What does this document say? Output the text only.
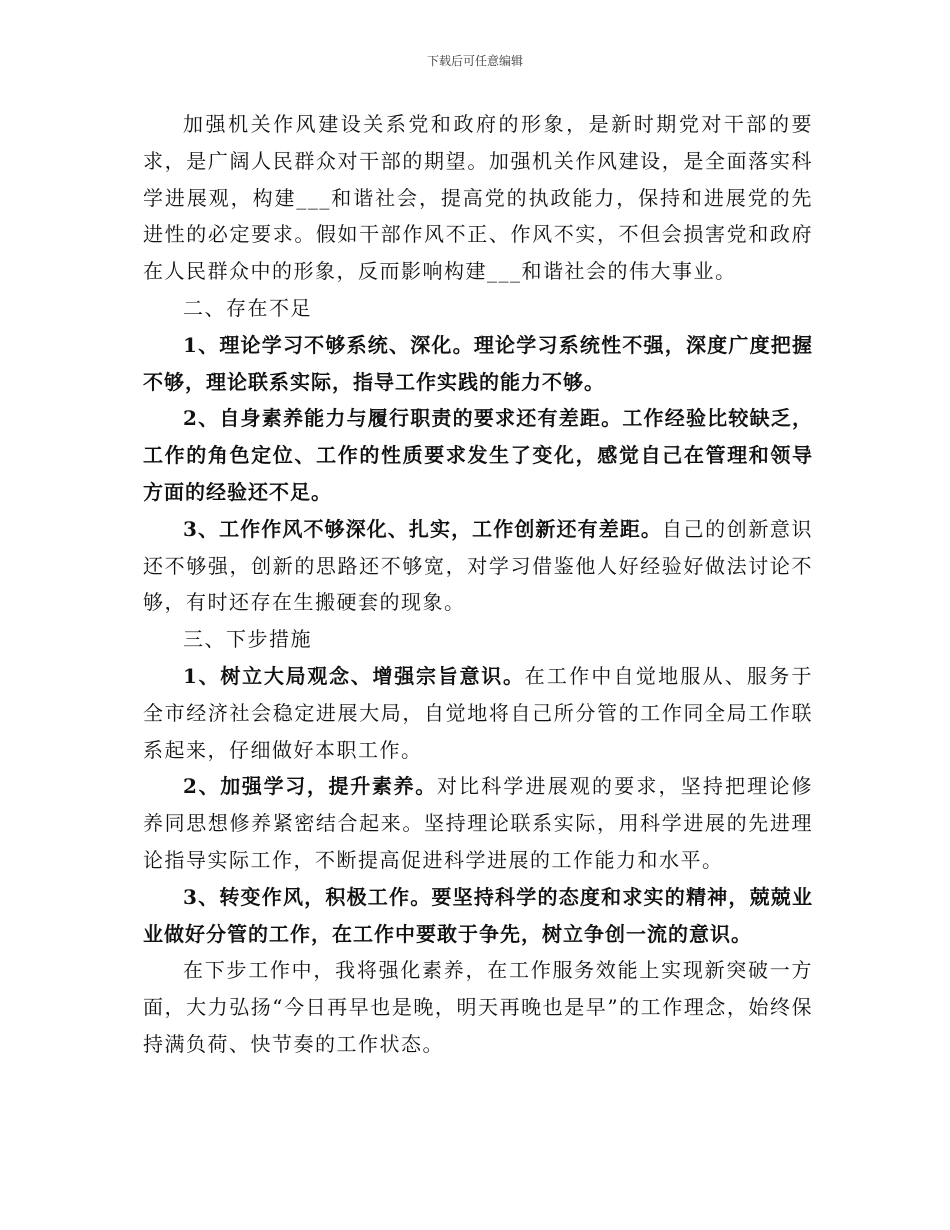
下载后可任意编辑

加强机关作风建设关系党和政府的形象，是新时期党对干部的要求，是广阔人民群众对干部的期望。加强机关作风建设，是全面落实科学进展观，构建___和谐社会，提高党的执政能力，保持和进展党的先进性的必定要求。假如干部作风不正、作风不实，不但会损害党和政府在人民群众中的形象，反而影响构建___和谐社会的伟大事业。

二、存在不足

1、理论学习不够系统、深化。理论学习系统性不强，深度广度把握不够，理论联系实际，指导工作实践的能力不够。

2、自身素养能力与履行职责的要求还有差距。工作经验比较缺乏，工作的角色定位、工作的性质要求发生了变化，感觉自己在管理和领导方面的经验还不足。

3、工作作风不够深化、扎实，工作创新还有差距。自己的创新意识还不够强，创新的思路还不够宽，对学习借鉴他人好经验好做法讨论不够，有时还存在生搬硬套的现象。

三、下步措施

1、树立大局观念、增强宗旨意识。在工作中自觉地服从、服务于全市经济社会稳定进展大局，自觉地将自己所分管的工作同全局工作联系起来，仔细做好本职工作。

2、加强学习，提升素养。对比科学进展观的要求，坚持把理论修养同思想修养紧密结合起来。坚持理论联系实际，用科学进展的先进理论指导实际工作，不断提高促进科学进展的工作能力和水平。

3、转变作风，积极工作。要坚持科学的态度和求实的精神，兢兢业业做好分管的工作，在工作中要敢于争先，树立争创一流的意识。

在下步工作中，我将强化素养，在工作服务效能上实现新突破一方面，大力弘扬“今日再早也是晚，明天再晚也是早”的工作理念，始终保持满负荷、快节奏的工作状态。
